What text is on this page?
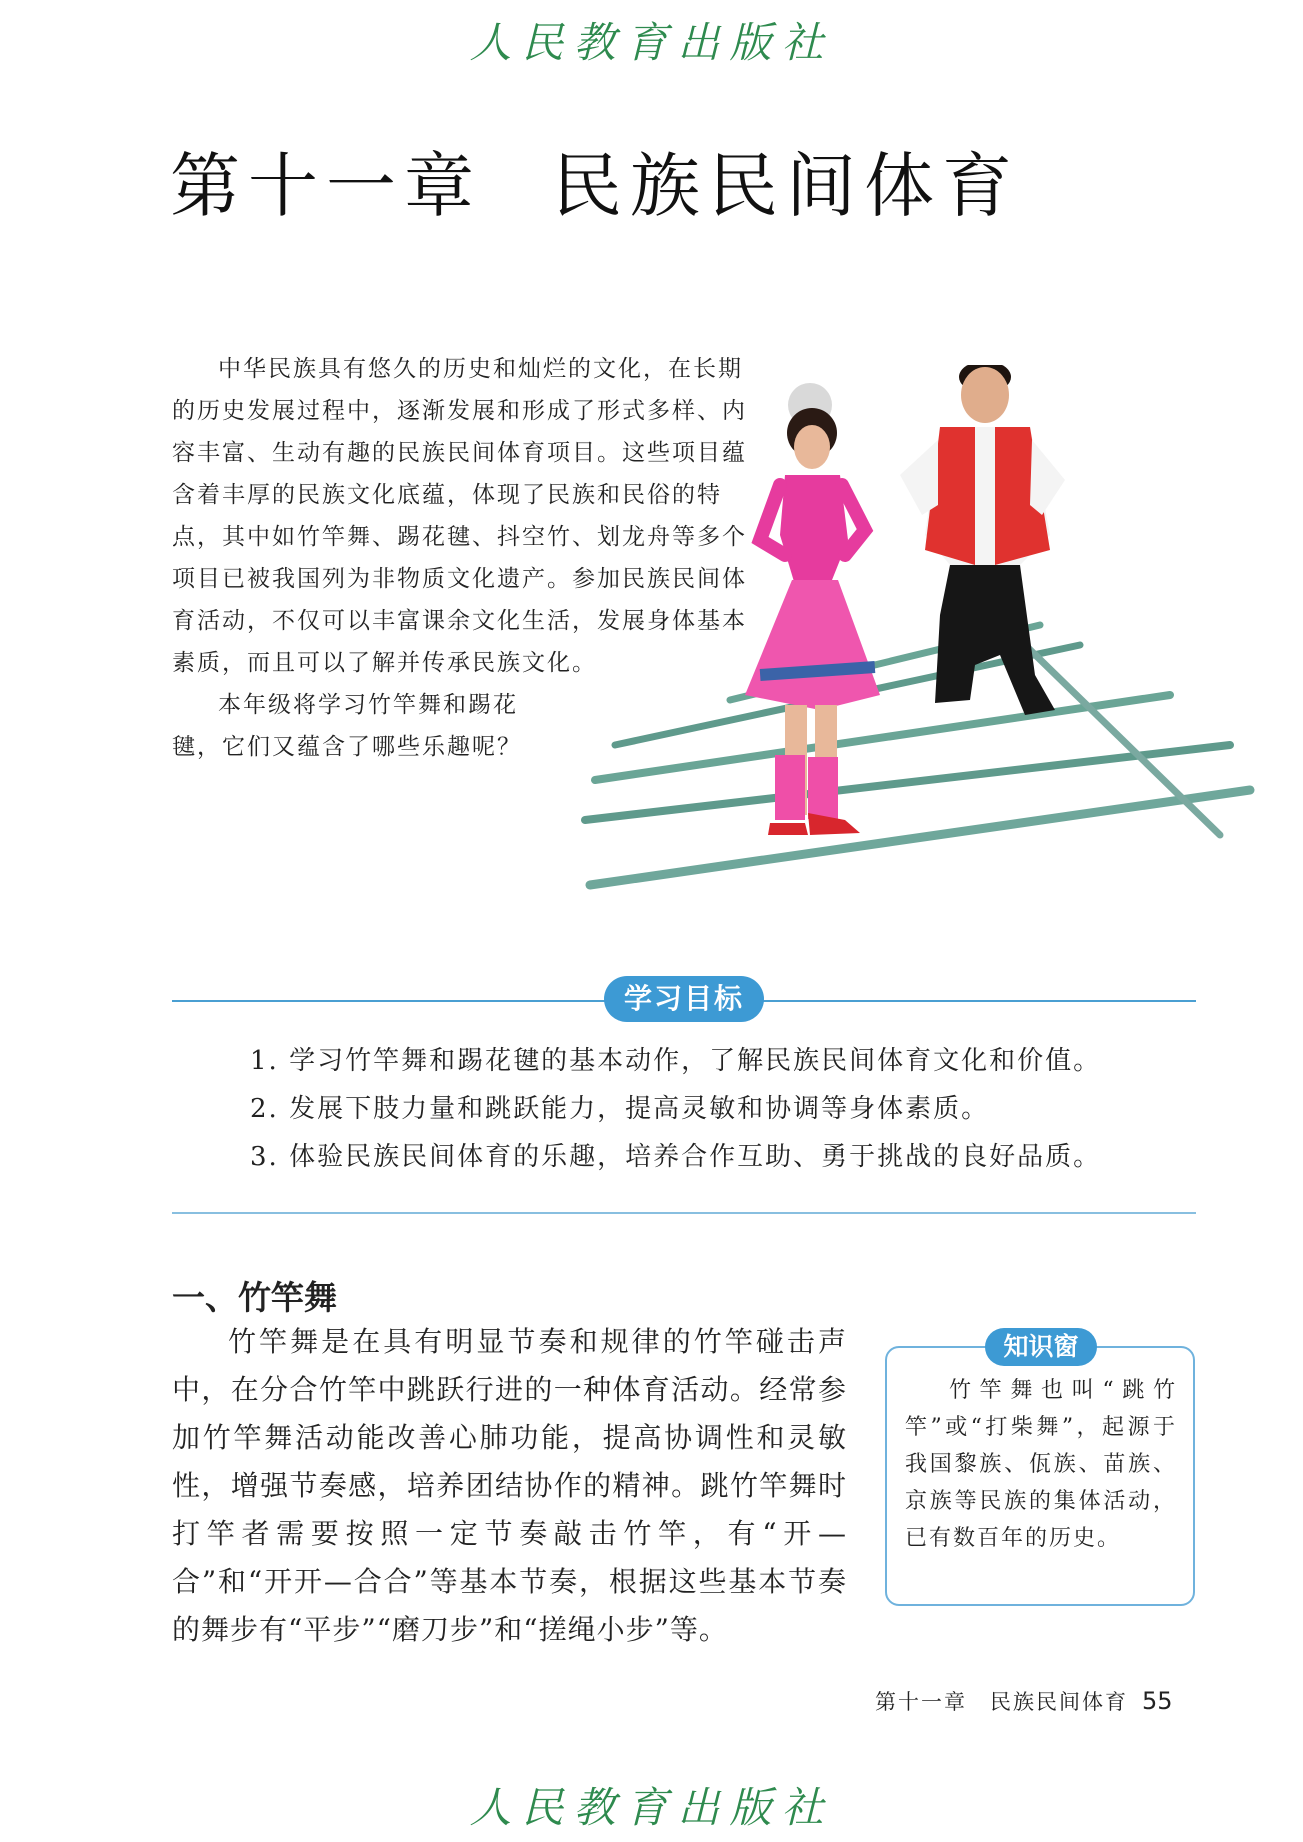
人民教育出版社
第十一章 民族民间体育

中华民族具有悠久的历史和灿烂的文化，在长期的历史发展过程中，逐渐发展和形成了形式多样、内容丰富、生动有趣的民族民间体育项目。这些项目蕴含着丰厚的民族文化底蕴，体现了民族和民俗的特点，其中如竹竿舞、踢花毽、抖空竹、划龙舟等多个项目已被我国列为非物质文化遗产。参加民族民间体育活动，不仅可以丰富课余文化生活，发展身体基本素质，而且可以了解并传承民族文化。

本年级将学习竹竿舞和踢花毽，它们又蕴含了哪些乐趣呢？

学习目标
1. 学习竹竿舞和踢花毽的基本动作，了解民族民间体育文化和价值。
2. 发展下肢力量和跳跃能力，提高灵敏和协调等身体素质。
3. 体验民族民间体育的乐趣，培养合作互助、勇于挑战的良好品质。
一、竹竿舞

竹竿舞是在具有明显节奏和规律的竹竿碰击声中，在分合竹竿中跳跃行进的一种体育活动。经常参加竹竿舞活动能改善心肺功能，提高协调性和灵敏性，增强节奏感，培养团结协作的精神。跳竹竿舞时打竿者需要按照一定节奏敲击竹竿，有“开—合”和“开开—合合”等基本节奏，根据这些基本节奏的舞步有“平步”“磨刀步”和“搓绳小步”等。

知识窗

竹竿舞也叫“跳竹竿”或“打柴舞”，起源于我国黎族、佤族、苗族、京族等民族的集体活动，已有数百年的历史。

第十一章　民族民间体育 55
人民教育出版社
